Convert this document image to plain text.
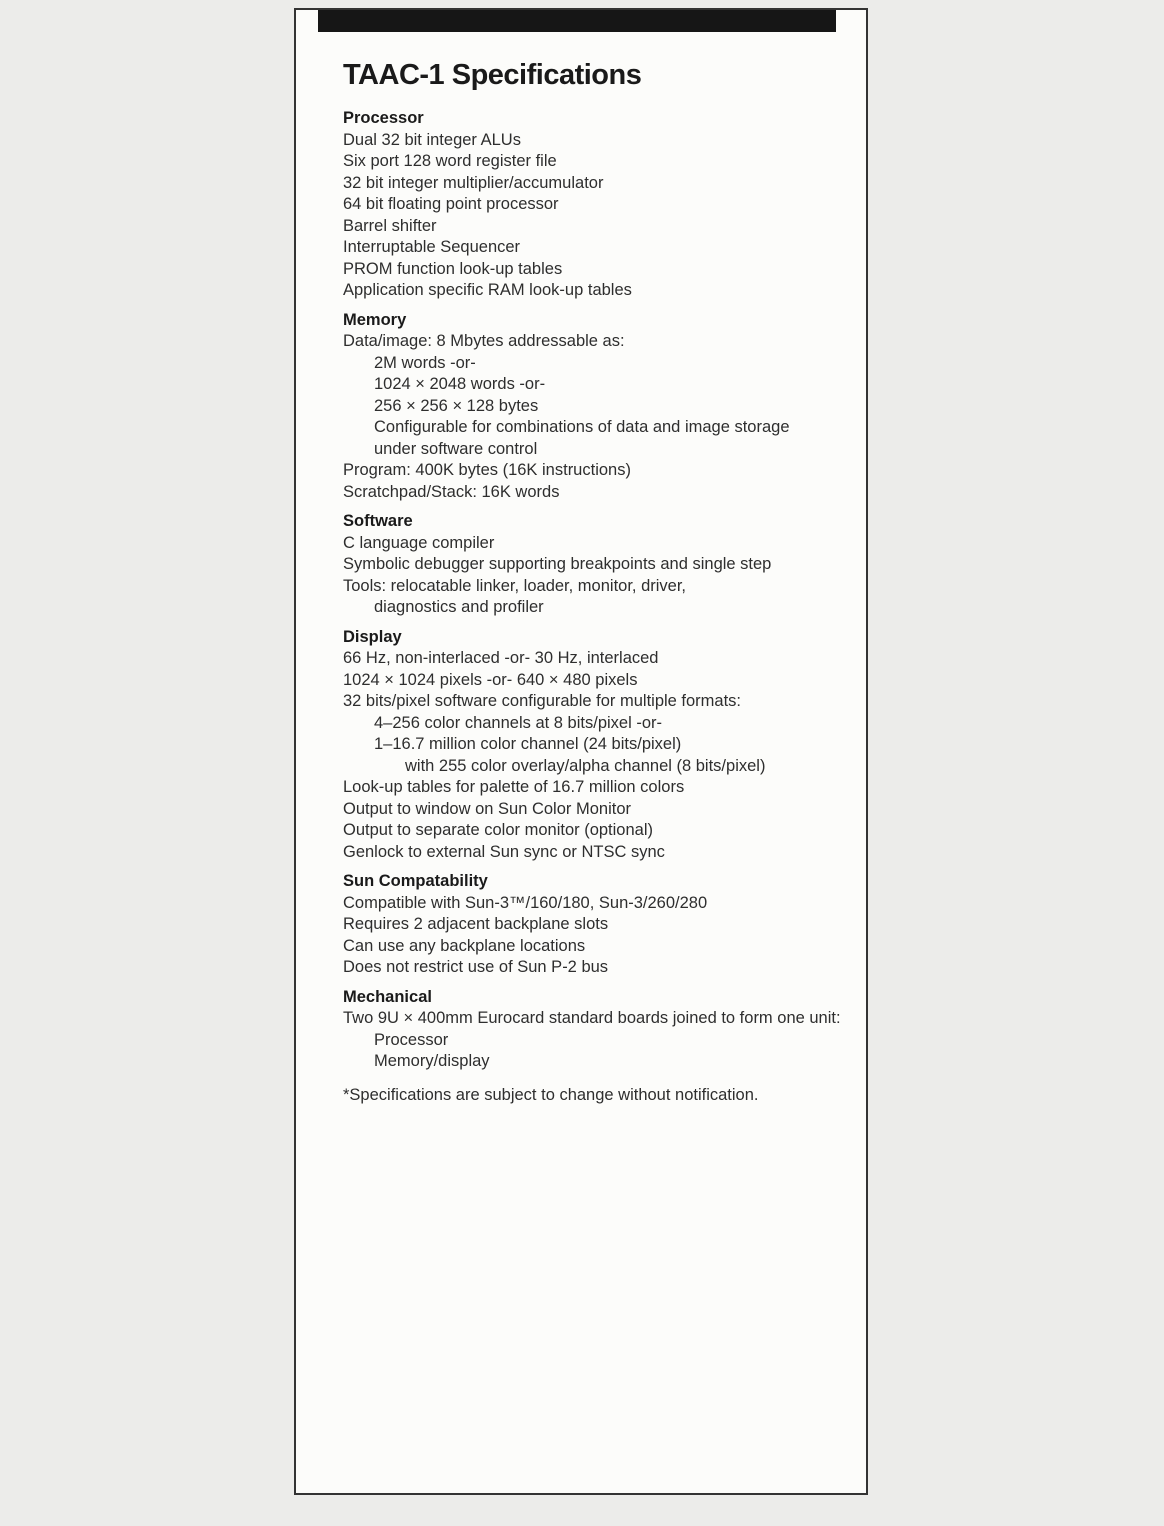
TAAC-1 Specifications
Processor
Dual 32 bit integer ALUs
Six port 128 word register file
32 bit integer multiplier/accumulator
64 bit floating point processor
Barrel shifter
Interruptable Sequencer
PROM function look-up tables
Application specific RAM look-up tables
Memory
Data/image: 8 Mbytes addressable as:
2M words -or-
1024 × 2048 words -or-
256 × 256 × 128 bytes
Configurable for combinations of data and image storage
under software control
Program: 400K bytes (16K instructions)
Scratchpad/Stack: 16K words
Software
C language compiler
Symbolic debugger supporting breakpoints and single step
Tools: relocatable linker, loader, monitor, driver,
diagnostics and profiler
Display
66 Hz, non-interlaced -or- 30 Hz, interlaced
1024 × 1024 pixels -or- 640 × 480 pixels
32 bits/pixel software configurable for multiple formats:
4–256 color channels at 8 bits/pixel -or-
1–16.7 million color channel (24 bits/pixel)
with 255 color overlay/alpha channel (8 bits/pixel)
Look-up tables for palette of 16.7 million colors
Output to window on Sun Color Monitor
Output to separate color monitor (optional)
Genlock to external Sun sync or NTSC sync
Sun Compatability
Compatible with Sun-3™/160/180, Sun-3/260/280
Requires 2 adjacent backplane slots
Can use any backplane locations
Does not restrict use of Sun P-2 bus
Mechanical
Two 9U × 400mm Eurocard standard boards joined to form one unit:
Processor
Memory/display

*Specifications are subject to change without notification.
